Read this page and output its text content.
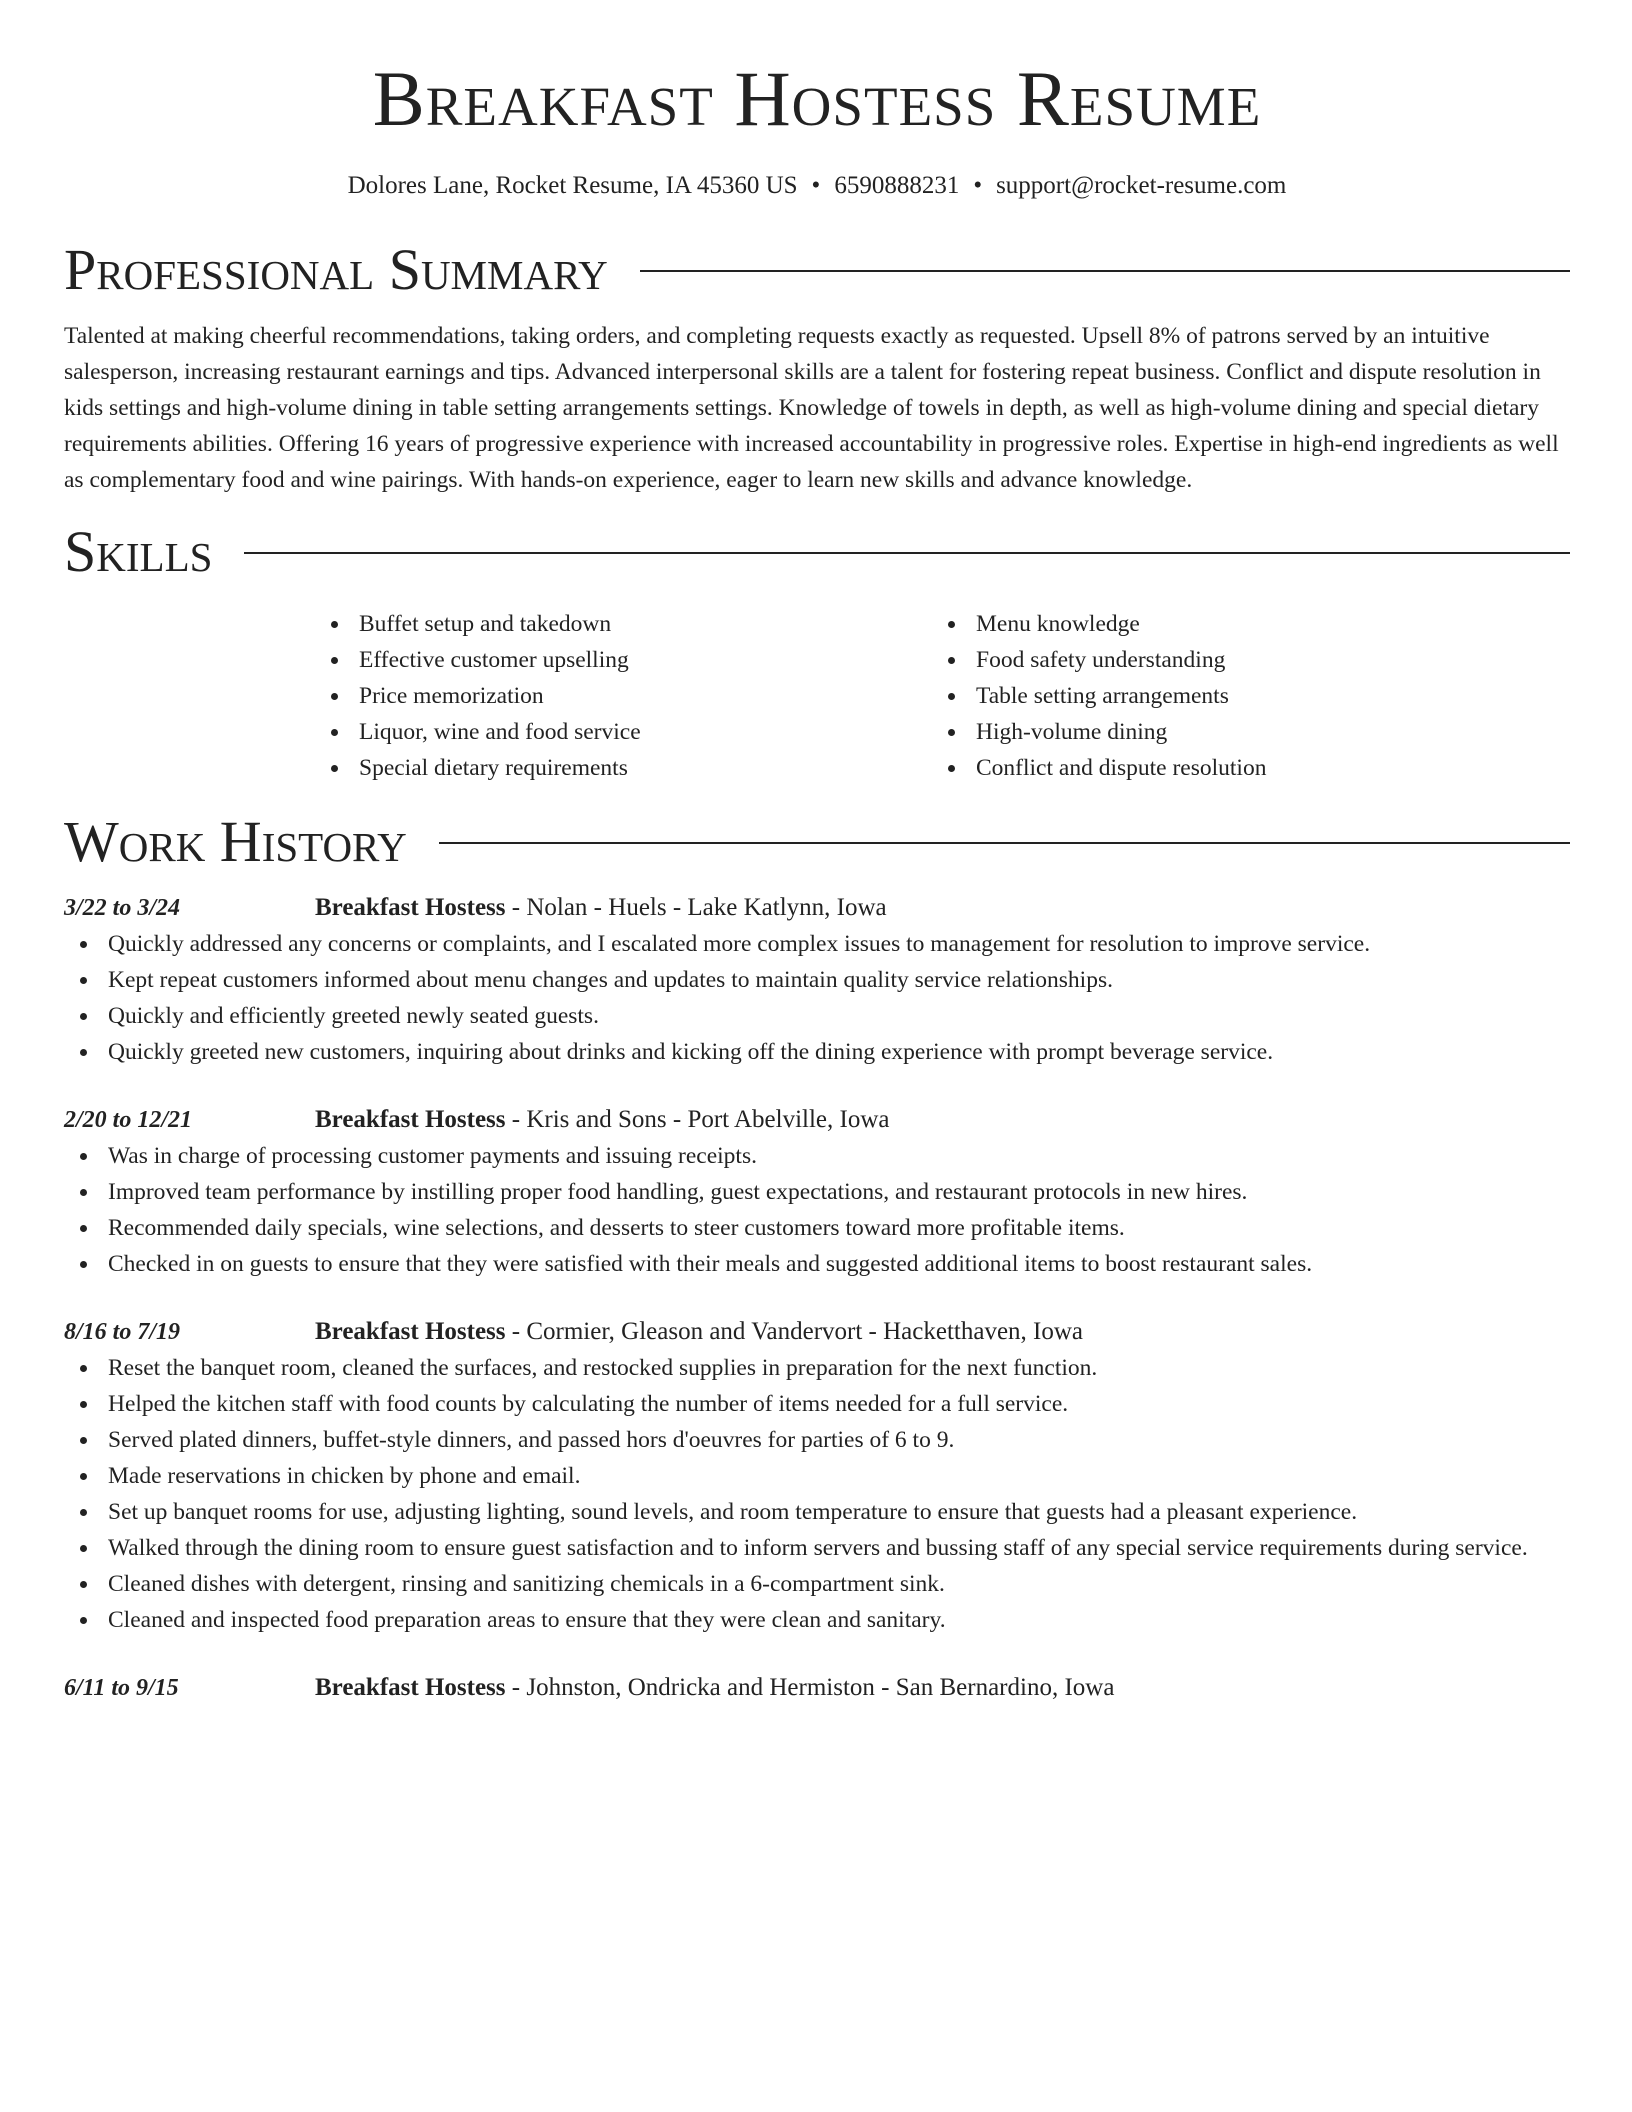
Breakfast Hostess Resume
Dolores Lane, Rocket Resume, IA 45360 US • 6590888231 • support@rocket-resume.com
Professional Summary

Talented at making cheerful recommendations, taking orders, and completing requests exactly as requested. Upsell 8% of patrons served by an intuitive salesperson, increasing restaurant earnings and tips. Advanced interpersonal skills are a talent for fostering repeat business. Conflict and dispute resolution in kids settings and high-volume dining in table setting arrangements settings. Knowledge of towels in depth, as well as high-volume dining and special dietary requirements abilities. Offering 16 years of progressive experience with increased accountability in progressive roles. Expertise in high-end ingredients as well as complementary food and wine pairings. With hands-on experience, eager to learn new skills and advance knowledge.

Skills
Buffet setup and takedown
Effective customer upselling
Price memorization
Liquor, wine and food service
Special dietary requirements
Menu knowledge
Food safety understanding
Table setting arrangements
High-volume dining
Conflict and dispute resolution
Work History
3/22 to 3/24	Breakfast Hostess - Nolan - Huels - Lake Katlynn, Iowa
Quickly addressed any concerns or complaints, and I escalated more complex issues to management for resolution to improve service.
Kept repeat customers informed about menu changes and updates to maintain quality service relationships.
Quickly and efficiently greeted newly seated guests.
Quickly greeted new customers, inquiring about drinks and kicking off the dining experience with prompt beverage service.
2/20 to 12/21	Breakfast Hostess - Kris and Sons - Port Abelville, Iowa
Was in charge of processing customer payments and issuing receipts.
Improved team performance by instilling proper food handling, guest expectations, and restaurant protocols in new hires.
Recommended daily specials, wine selections, and desserts to steer customers toward more profitable items.
Checked in on guests to ensure that they were satisfied with their meals and suggested additional items to boost restaurant sales.
8/16 to 7/19	Breakfast Hostess - Cormier, Gleason and Vandervort - Hacketthaven, Iowa
Reset the banquet room, cleaned the surfaces, and restocked supplies in preparation for the next function.
Helped the kitchen staff with food counts by calculating the number of items needed for a full service.
Served plated dinners, buffet-style dinners, and passed hors d'oeuvres for parties of 6 to 9.
Made reservations in chicken by phone and email.
Set up banquet rooms for use, adjusting lighting, sound levels, and room temperature to ensure that guests had a pleasant experience.
Walked through the dining room to ensure guest satisfaction and to inform servers and bussing staff of any special service requirements during service.
Cleaned dishes with detergent, rinsing and sanitizing chemicals in a 6-compartment sink.
Cleaned and inspected food preparation areas to ensure that they were clean and sanitary.
6/11 to 9/15	Breakfast Hostess - Johnston, Ondricka and Hermiston - San Bernardino, Iowa
